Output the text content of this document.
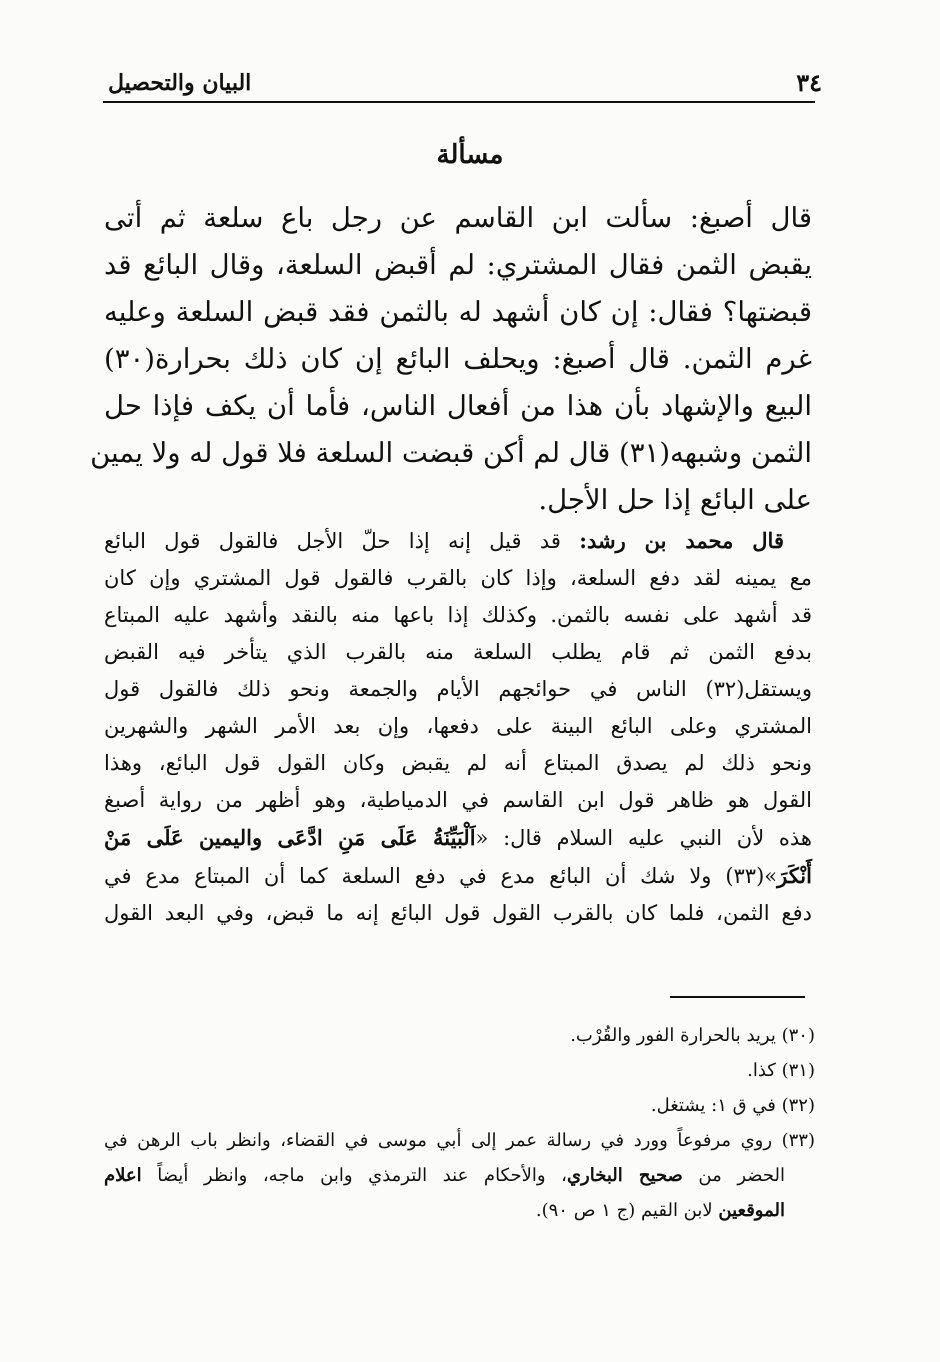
٣٤
البيان والتحصيل
مسألة

قال أصبغ: سألت ابن القاسم عن رجل باع سلعة ثم أتى

يقبض الثمن فقال المشتري: لم أقبض السلعة، وقال البائع قد

قبضتها؟ فقال: إن كان أشهد له بالثمن فقد قبض السلعة وعليه

غرم الثمن. قال أصبغ: ويحلف البائع إن كان ذلك بحرارة(٣٠)

البيع والإشهاد بأن هذا من أفعال الناس، فأما أن يكف فإذا حل

الثمن وشبهه(٣١) قال لم أكن قبضت السلعة فلا قول له ولا يمين

على البائع إذا حل الأجل.

قال محمد بن رشد: قد قيل إنه إذا حلّ الأجل فالقول قول البائع

مع يمينه لقد دفع السلعة، وإذا كان بالقرب فالقول قول المشتري وإن كان

قد أشهد على نفسه بالثمن. وكذلك إذا باعها منه بالنقد وأشهد عليه المبتاع

بدفع الثمن ثم قام يطلب السلعة منه بالقرب الذي يتأخر فيه القبض

ويستقل(٣٢) الناس في حوائجهم الأيام والجمعة ونحو ذلك فالقول قول

المشتري وعلى البائع البينة على دفعها، وإن بعد الأمر الشهر والشهرين

ونحو ذلك لم يصدق المبتاع أنه لم يقبض وكان القول قول البائع، وهذا

القول هو ظاهر قول ابن القاسم في الدمياطية، وهو أظهر من رواية أصبغ

هذه لأن النبي عليه السلام قال: «اَلْبَيِّنَةُ عَلَى مَنِ ادَّعَى واليمين عَلَى مَنْ

أَنْكَرَ»(٣٣) ولا شك أن البائع مدع في دفع السلعة كما أن المبتاع مدع في

دفع الثمن، فلما كان بالقرب القول قول البائع إنه ما قبض، وفي البعد القول

(٣٠) يريد بالحرارة الفور والقُرْب.

(٣١) كذا.

(٣٢) في ق ١: يشتغل.

(٣٣) روي مرفوعاً وورد في رسالة عمر إلى أبي موسى في القضاء، وانظر باب الرهن في

الحضر من صحيح البخاري، والأحكام عند الترمذي وابن ماجه، وانظر أيضاً اعلام

الموقعين لابن القيم (ج ١ ص ٩٠).
